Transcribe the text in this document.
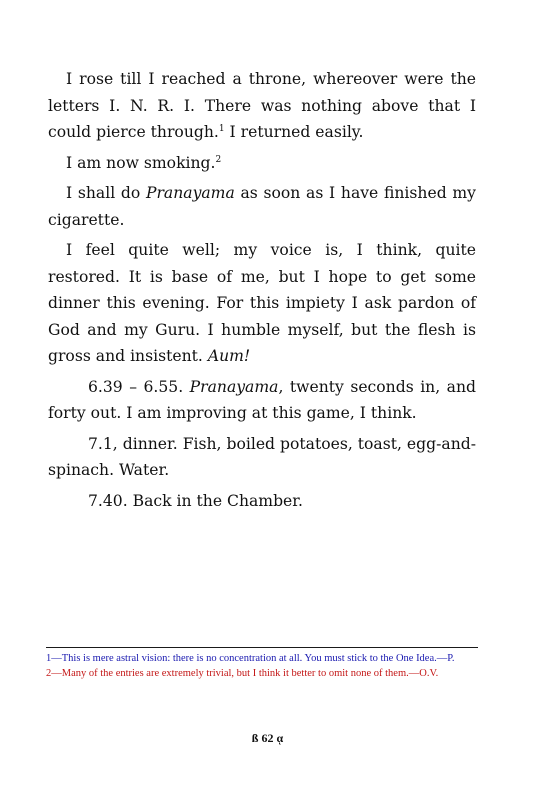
I rose till I reached a throne, whereover were the letters I. N. R. I. There was nothing above that I could pierce through.$^1$ I returned easily.

I am now smoking.$^2$

I shall do Pranayama as soon as I have finished my cigarette.

I feel quite well; my voice is, I think, quite restored. It is base of me, but I hope to get some dinner this evening. For this impiety I ask pardon of God and my Guru. I humble myself, but the flesh is gross and insistent. Aum!

6.39 – 6.55. Pranayama, twenty seconds in, and forty out. I am improving at this game, I think.

7.1, dinner. Fish, boiled potatoes, toast, egg-and-spinach. Water.

7.40. Back in the Chamber.

1—This is mere astral vision: there is no concentration at all. You must stick to the One Idea.—P.
2—Many of the entries are extremely trivial, but I think it better to omit none of them.—O.V.
ß 62 ᾳ
